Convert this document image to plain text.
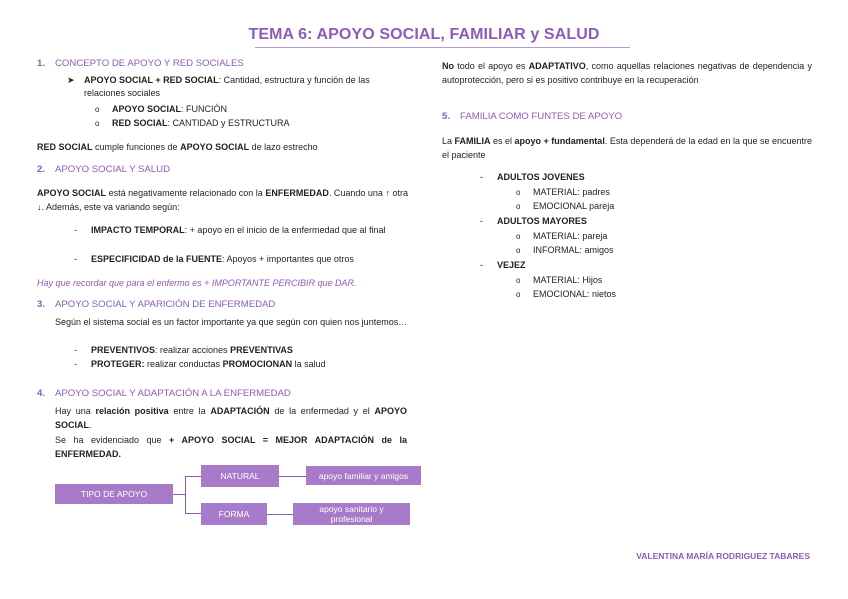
TEMA 6: APOYO SOCIAL, FAMILIAR y SALUD
1. CONCEPTO DE APOYO Y RED SOCIALES
➤ APOYO SOCIAL + RED SOCIAL: Cantidad, estructura y función de las relaciones sociales
o APOYO SOCIAL: FUNCIÓN
o RED SOCIAL: CANTIDAD y ESTRUCTURA
RED SOCIAL cumple funciones de APOYO SOCIAL de lazo estrecho
2. APOYO SOCIAL Y SALUD
APOYO SOCIAL está negativamente relacionado con la ENFERMEDAD. Cuando una ↑ otra ↓. Además, este va variando según:
- IMPACTO TEMPORAL: + apoyo en el inicio de la enfermedad que al final
- ESPECIFICIDAD de la FUENTE: Apoyos + importantes que otros
Hay que recordar que para el enfermo es + IMPORTANTE PERCIBIR que DAR.
3. APOYO SOCIAL Y APARICIÓN DE ENFERMEDAD
Según el sistema social es un factor importante ya que según con quien nos juntemos…
- PREVENTIVOS: realizar acciones PREVENTIVAS
- PROTEGER: realizar conductas PROMOCIONAN la salud
4. APOYO SOCIAL Y ADAPTACIÓN A LA ENFERMEDAD
Hay una relación positiva entre la ADAPTACIÓN de la enfermedad y el APOYO SOCIAL.
Se ha evidenciado que + APOYO SOCIAL = MEJOR ADAPTACIÓN de la ENFERMEDAD.
TIPO DE APOYO
NATURAL
FORMA
apoyo familiar y amigos
apoyo sanitario y profesional
No todo el apoyo es ADAPTATIVO, como aquellas relaciones negativas de dependencia y autoprotección, pero si es positivo contribuye en la recuperación
5. FAMILIA COMO FUNTES DE APOYO
La FAMILIA es el apoyo + fundamental. Esta dependerá de la edad en la que se encuentre el paciente
- ADULTOS JOVENES
o MATERIAL: padres
o EMOCIONAL pareja
- ADULTOS MAYORES
o MATERIAL: pareja
o INFORMAL: amigos
- VEJEZ
o MATERIAL: Hijos
o EMOCIONAL: nietos
VALENTINA MARÍA RODRIGUEZ TABARES
